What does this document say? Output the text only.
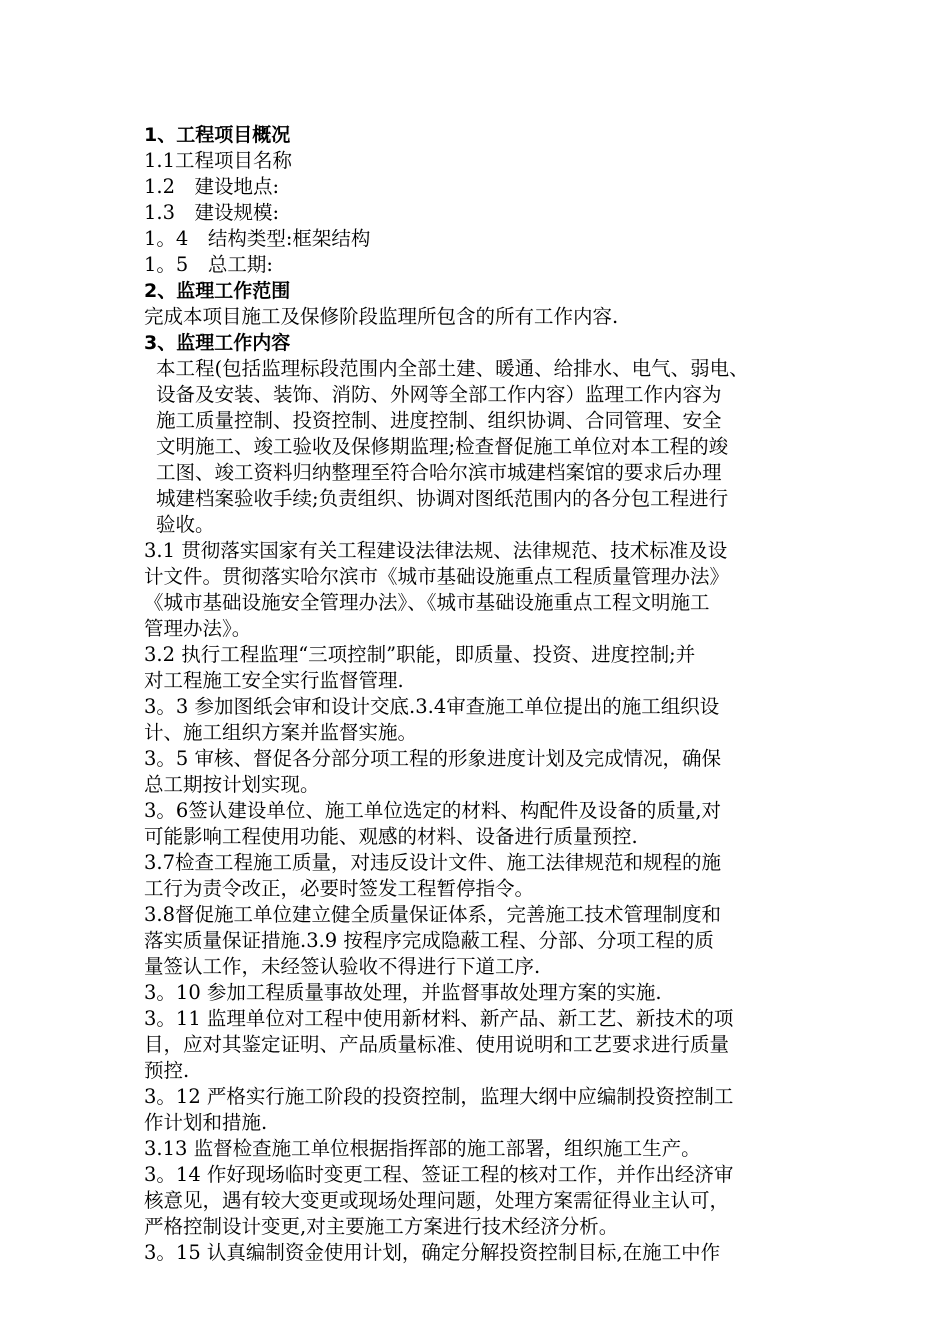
1、工程项目概况
1.1工程项目名称
1.2　建设地点:
1.3　建设规模:
1。4　结构类型:框架结构
1。5　总工期:
2、监理工作范围
完成本项目施工及保修阶段监理所包含的所有工作内容.
3、监理工作内容
本工程(包括监理标段范围内全部土建、暖通、给排水、电气、弱电、
设备及安装、装饰、消防、外网等全部工作内容）监理工作内容为
施工质量控制、投资控制、进度控制、组织协调、合同管理、安全
文明施工、竣工验收及保修期监理;检查督促施工单位对本工程的竣
工图、竣工资料归纳整理至符合哈尔滨市城建档案馆的要求后办理
城建档案验收手续;负责组织、协调对图纸范围内的各分包工程进行
验收。
3.1 贯彻落实国家有关工程建设法律法规、法律规范、技术标准及设
计文件。贯彻落实哈尔滨市《城市基础设施重点工程质量管理办法》
《城市基础设施安全管理办法》、《城市基础设施重点工程文明施工
管理办法》。
3.2 执行工程监理“三项控制”职能，即质量、投资、进度控制;并
对工程施工安全实行监督管理.
3。3 参加图纸会审和设计交底.3.4审查施工单位提出的施工组织设
计、施工组织方案并监督实施。
3。5 审核、督促各分部分项工程的形象进度计划及完成情况，确保
总工期按计划实现。
3。6签认建设单位、施工单位选定的材料、构配件及设备的质量,对
可能影响工程使用功能、观感的材料、设备进行质量预控.
3.7检查工程施工质量，对违反设计文件、施工法律规范和规程的施
工行为责令改正，必要时签发工程暂停指令。
3.8督促施工单位建立健全质量保证体系，完善施工技术管理制度和
落实质量保证措施.3.9 按程序完成隐蔽工程、分部、分项工程的质
量签认工作，未经签认验收不得进行下道工序.
3。10 参加工程质量事故处理，并监督事故处理方案的实施.
3。11 监理单位对工程中使用新材料、新产品、新工艺、新技术的项
目，应对其鉴定证明、产品质量标准、使用说明和工艺要求进行质量
预控.
3。12 严格实行施工阶段的投资控制，监理大纲中应编制投资控制工
作计划和措施.
3.13 监督检查施工单位根据指挥部的施工部署，组织施工生产。
3。14 作好现场临时变更工程、签证工程的核对工作，并作出经济审
核意见，遇有较大变更或现场处理问题，处理方案需征得业主认可，
严格控制设计变更,对主要施工方案进行技术经济分析。
3。15 认真编制资金使用计划，确定分解投资控制目标,在施工中作
